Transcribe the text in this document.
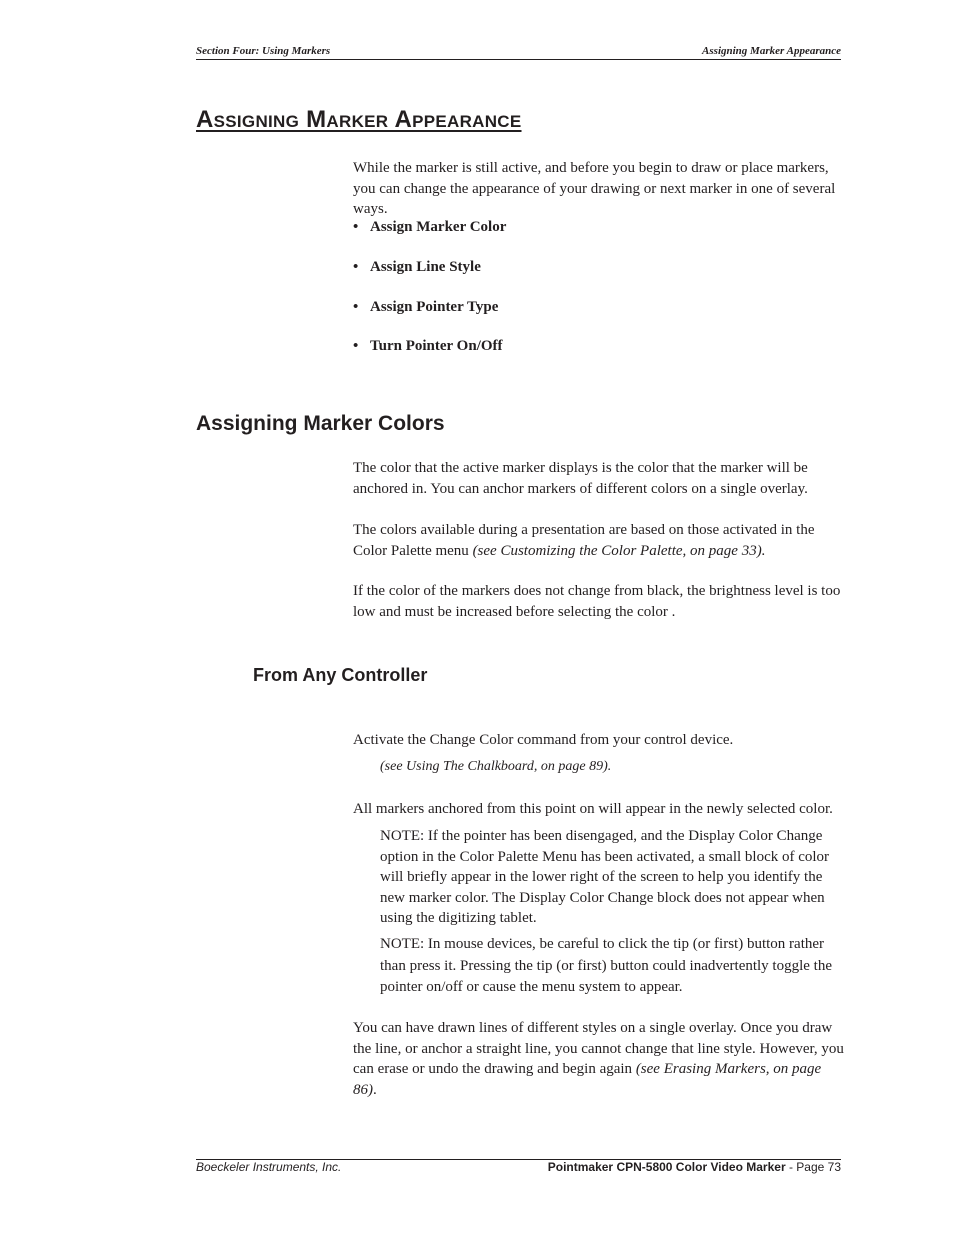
Section Four: Using Markers	Assigning Marker Appearance
Assigning Marker Appearance

While the marker is still active, and before you begin to draw or place markers, you can change the appearance of your drawing or next marker in one of several ways.

• Assign Marker Color

• Assign Line Style

• Assign Pointer Type

• Turn Pointer On/Off

Assigning Marker Colors

The color that the active marker displays is the color that the marker will be anchored in. You can anchor markers of different colors on a single overlay.

The colors available during a presentation are based on those activated in the Color Palette menu (see Customizing the Color Palette, on page 33).

If the color of the markers does not change from black, the brightness level is too low and must be increased before selecting the color .

From Any Controller

Activate the Change Color command from your control device.

(see Using The Chalkboard, on page 89).

All markers anchored from this point on will appear in the newly selected color.

NOTE: If the pointer has been disengaged, and the Display Color Change option in the Color Palette Menu has been activated, a small block of color will briefly appear in the lower right of the screen to help you identify the new marker color. The Display Color Change block does not appear when using the digitizing tablet.

NOTE: In mouse devices, be careful to click the tip (or first) button rather than press it. Pressing the tip (or first) button could inadvertently toggle the pointer on/off or cause the menu system to appear.

You can have drawn lines of different styles on a single overlay. Once you draw the line, or anchor a straight line, you cannot change that line style. However, you can erase or undo the drawing and begin again (see Erasing Markers, on page 86).

Boeckeler Instruments, Inc.	Pointmaker CPN-5800 Color Video Marker - Page 73
